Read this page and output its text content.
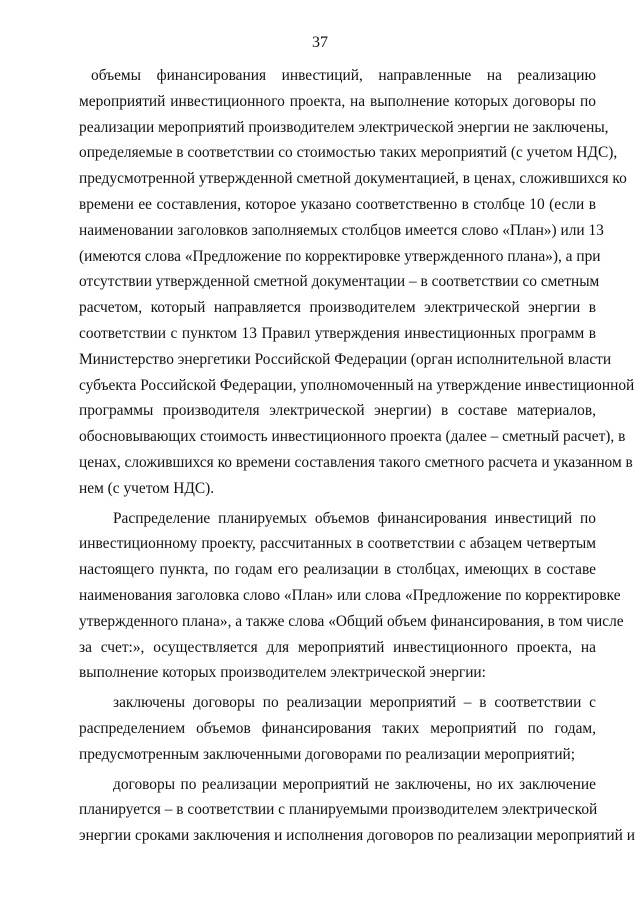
37
объемы финансирования инвестиций, направленные на реализацию
мероприятий инвестиционного проекта, на выполнение которых договоры по
реализации мероприятий производителем электрической энергии не заключены,
определяемые в соответствии со стоимостью таких мероприятий (с учетом НДС),
предусмотренной утвержденной сметной документацией, в ценах, сложившихся ко
времени ее составления, которое указано соответственно в столбце 10 (если в
наименовании заголовков заполняемых столбцов имеется слово «План») или 13
(имеются слова «Предложение по корректировке утвержденного плана»), а при
отсутствии утвержденной сметной документации – в соответствии со сметным
расчетом, который направляется производителем электрической энергии в
соответствии с пунктом 13 Правил утверждения инвестиционных программ в
Министерство энергетики Российской Федерации (орган исполнительной власти
субъекта Российской Федерации, уполномоченный на утверждение инвестиционной
программы производителя электрической энергии) в составе материалов,
обосновывающих стоимость инвестиционного проекта (далее – сметный расчет), в
ценах, сложившихся ко времени составления такого сметного расчета и указанном в
нем (с учетом НДС).
Распределение планируемых объемов финансирования инвестиций по
инвестиционному проекту, рассчитанных в соответствии с абзацем четвертым
настоящего пункта, по годам его реализации в столбцах, имеющих в составе
наименования заголовка слово «План» или слова «Предложение по корректировке
утвержденного плана», а также слова «Общий объем финансирования, в том числе
за счет:», осуществляется для мероприятий инвестиционного проекта, на
выполнение которых производителем электрической энергии:
заключены договоры по реализации мероприятий – в соответствии с
распределением объемов финансирования таких мероприятий по годам,
предусмотренным заключенными договорами по реализации мероприятий;
договоры по реализации мероприятий не заключены, но их заключение
планируется – в соответствии с планируемыми производителем электрической
энергии сроками заключения и исполнения договоров по реализации мероприятий и
